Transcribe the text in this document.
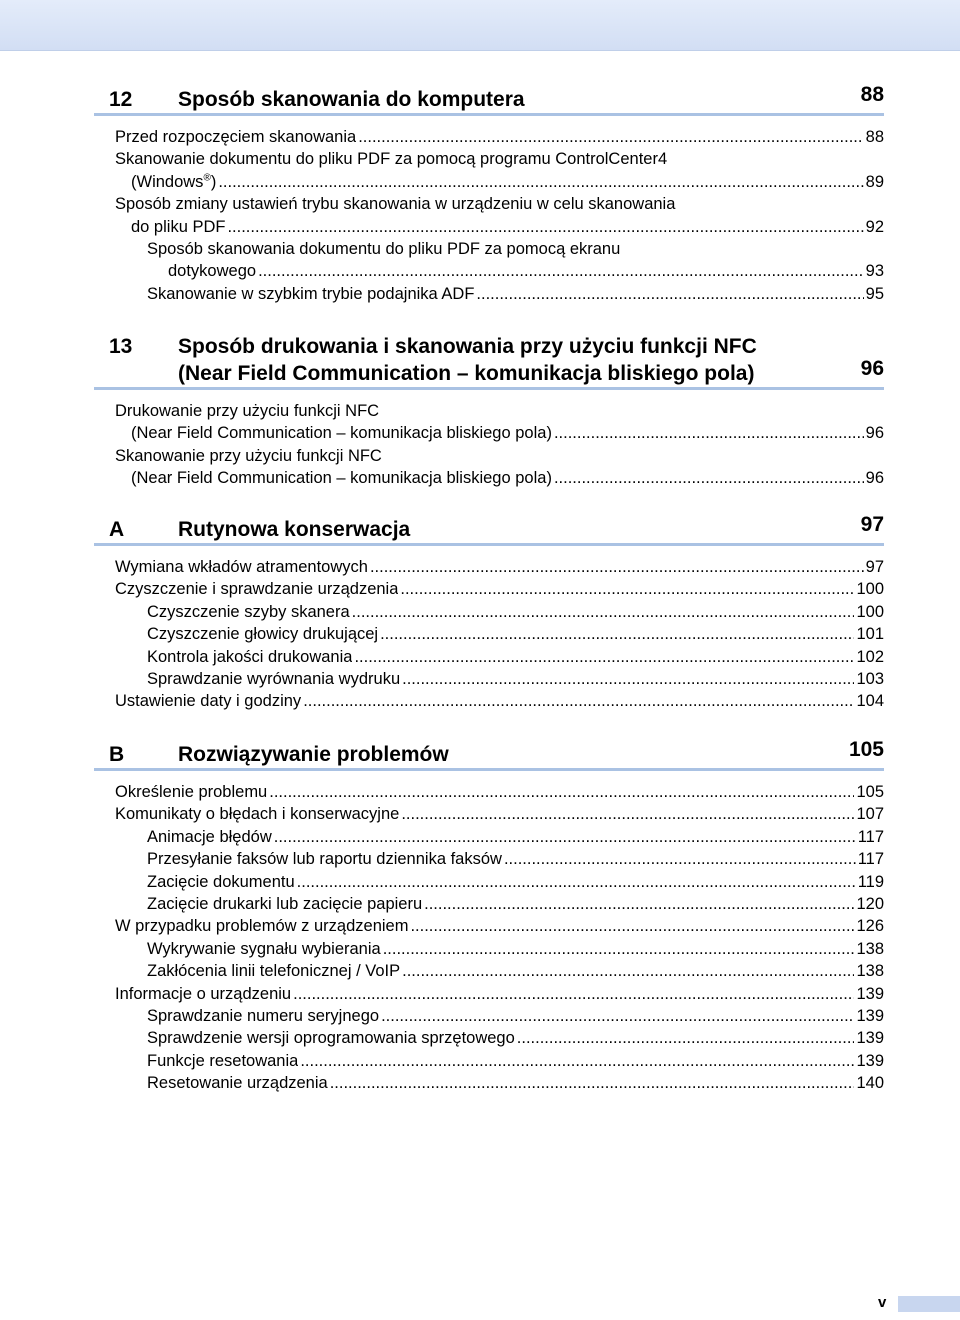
12 Sposób skanowania do komputera	88
Przed rozpoczęciem skanowania .....	88
Skanowanie dokumentu do pliku PDF za pomocą programu ControlCenter4
(Windows®) .....	89
Sposób zmiany ustawień trybu skanowania w urządzeniu w celu skanowania
do pliku PDF .....	92
Sposób skanowania dokumentu do pliku PDF za pomocą ekranu
dotykowego .....	93
Skanowanie w szybkim trybie podajnika ADF .....	95
13 Sposób drukowania i skanowania przy użyciu funkcji NFC
(Near Field Communication – komunikacja bliskiego pola)	96
Drukowanie przy użyciu funkcji NFC
(Near Field Communication – komunikacja bliskiego pola) .....	96
Skanowanie przy użyciu funkcji NFC
(Near Field Communication – komunikacja bliskiego pola) .....	96
A	Rutynowa konserwacja	97
Wymiana wkładów atramentowych .....	97
Czyszczenie i sprawdzanie urządzenia .....	100
Czyszczenie szyby skanera .....	100
Czyszczenie głowicy drukującej .....	101
Kontrola jakości drukowania .....	102
Sprawdzanie wyrównania wydruku .....	103
Ustawienie daty i godziny .....	104
B	Rozwiązywanie problemów	105
Określenie problemu .....	105
Komunikaty o błędach i konserwacyjne .....	107
Animacje błędów .....	117
Przesyłanie faksów lub raportu dziennika faksów .....	117
Zacięcie dokumentu .....	119
Zacięcie drukarki lub zacięcie papieru .....	120
W przypadku problemów z urządzeniem .....	126
Wykrywanie sygnału wybierania .....	138
Zakłócenia linii telefonicznej / VoIP .....	138
Informacje o urządzeniu .....	139
Sprawdzanie numeru seryjnego .....	139
Sprawdzenie wersji oprogramowania sprzętowego .....	139
Funkcje resetowania .....	139
Resetowanie urządzenia .....	140
v
